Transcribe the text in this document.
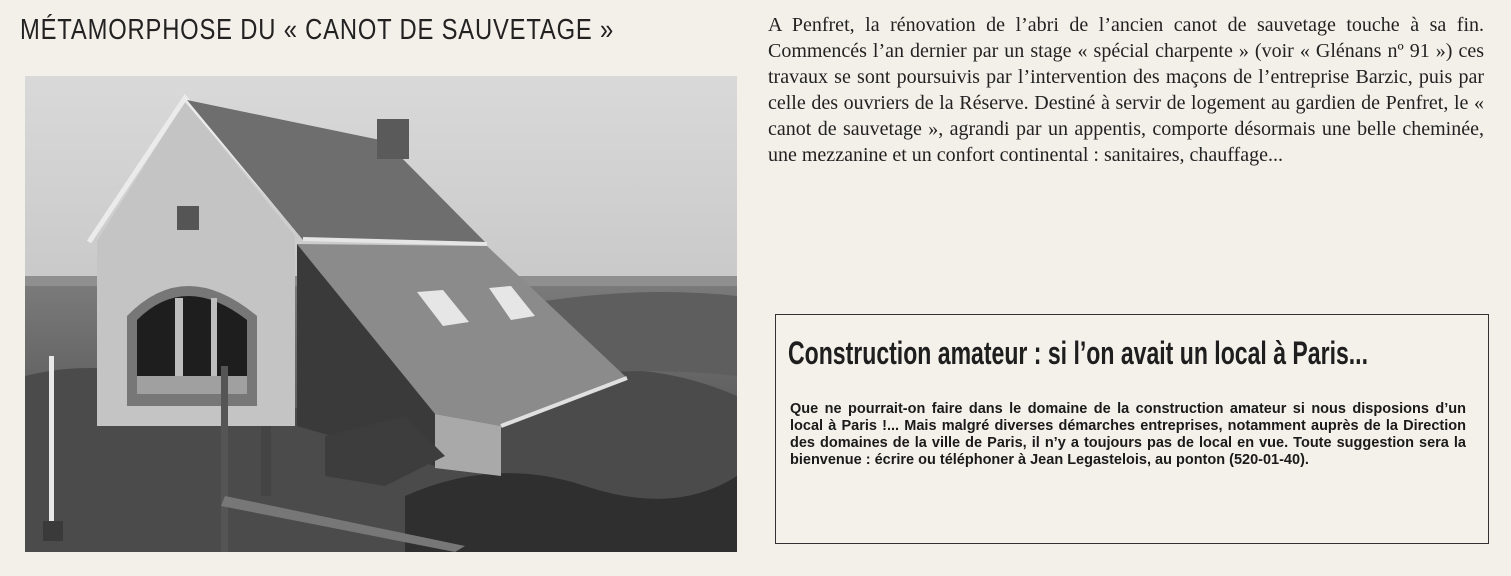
MÉTAMORPHOSE DU « CANOT DE SAUVETAGE »	A Penfret, la rénovation de l’abri de l’ancien canot de sauvetage touche à sa fin. Commencés l’an dernier par un stage « spécial charpente » (voir « Glénans nº 91 ») ces travaux se sont poursuivis par l’intervention des maçons de l’entreprise Barzic, puis par celle des ouvriers de la Réserve. Destiné à servir de logement au gardien de Penfret, le « canot de sauvetage », agrandi par un appentis, comporte désormais une belle cheminée, une mezzanine et un confort continental : sanitaires, chauffage...

Construction amateur : si l’on avait un local à Paris...

Que ne pourrait-on faire dans le domaine de la construction amateur si nous disposions d’un local à Paris !... Mais malgré diverses démarches entreprises, notamment auprès de la Direction des domaines de la ville de Paris, il n’y a toujours pas de local en vue. Toute suggestion sera la bienvenue : écrire ou téléphoner à Jean Legastelois, au ponton (520-01-40).
